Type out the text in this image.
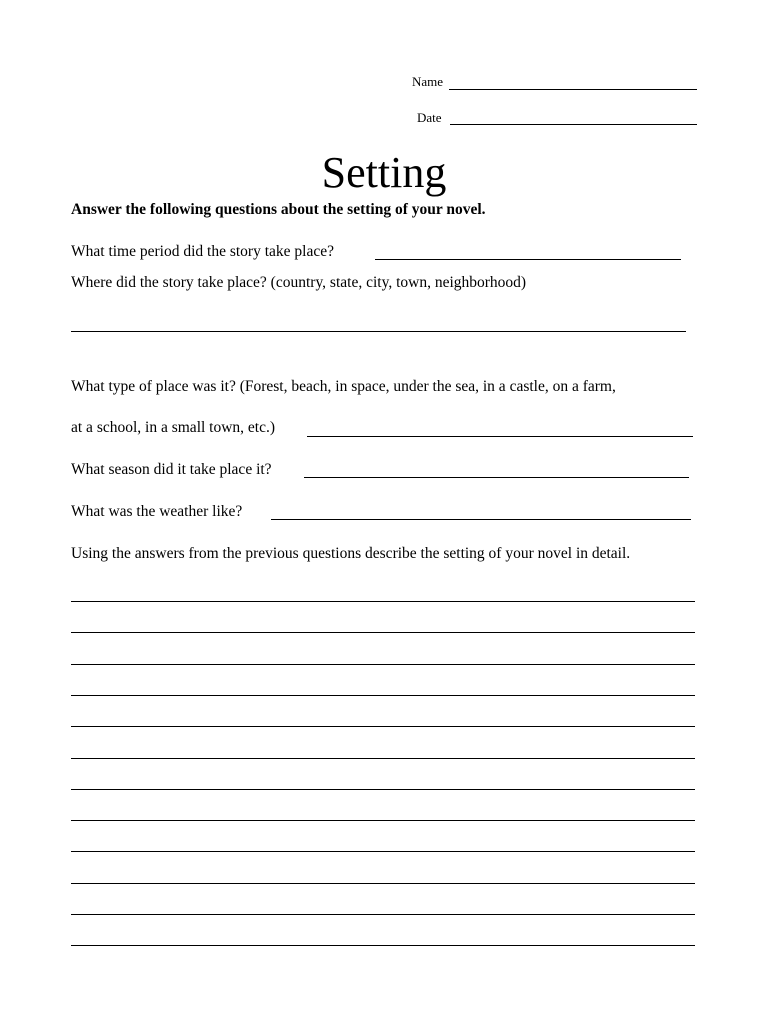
Name
Date
Setting
Answer the following questions about the setting of your novel.
What time period did the story take place?
Where did the story take place? (country, state, city, town, neighborhood)
What type of place was it? (Forest, beach, in space, under the sea, in a castle, on a farm,
at a school, in a small town, etc.)
What season did it take place it?
What was the weather like?
Using the answers from the previous questions describe the setting of your novel in detail.
